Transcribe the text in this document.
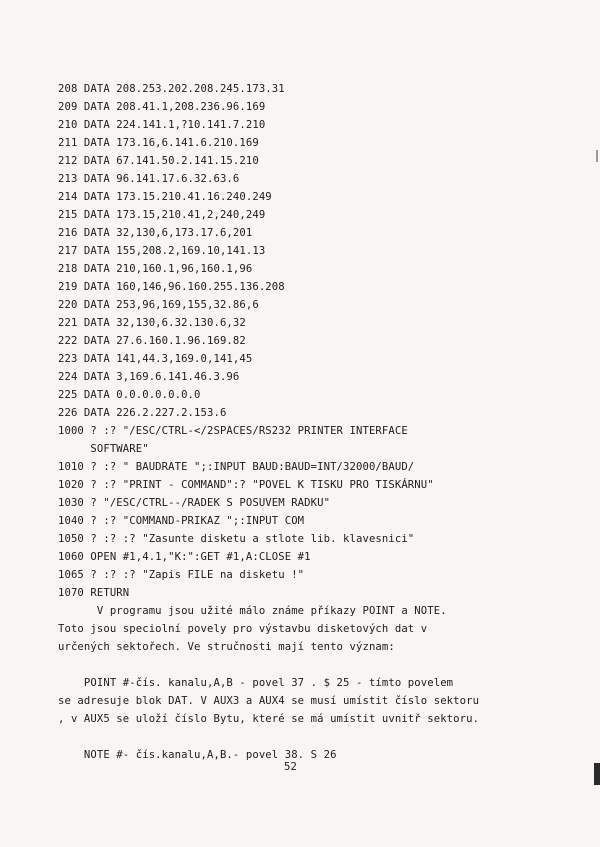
208 DATA 208.253.202.208.245.173.31
209 DATA 208.41.1,208.236.96.169
210 DATA 224.141.1,?10.141.7.210
211 DATA 173.16,6.141.6.210.169
212 DATA 67.141.50.2.141.15.210
213 DATA 96.141.17.6.32.63.6
214 DATA 173.15.210.41.16.240.249
215 DATA 173.15,210.41,2,240,249
216 DATA 32,130,6,173.17.6,201
217 DATA 155,208.2,169.10,141.13
218 DATA 210,160.1,96,160.1,96
219 DATA 160,146,96.160.255.136.208
220 DATA 253,96,169,155,32.86,6
221 DATA 32,130,6.32.130.6,32
222 DATA 27.6.160.1.96.169.82
223 DATA 141,44.3,169.0,141,45
224 DATA 3,169.6.141.46.3.96
225 DATA 0.0.0.0.0.0.0
226 DATA 226.2.227.2.153.6
1000 ? :? "/ESC/CTRL-</2SPACES/RS232 PRINTER INTERFACE
SOFTWARE"
1010 ? :? " BAUDRATE ";:INPUT BAUD:BAUD=INT/32000/BAUD/
1020 ? :? "PRINT - COMMAND":? "POVEL K TISKU PRO TISKÁRNU"
1030 ? "/ESC/CTRL--/RADEK S POSUVEM RADKU"
1040 ? :? "COMMAND-PRIKAZ ";:INPUT COM
1050 ? :? :? "Zasunte disketu a stlote lib. klavesnici"
1060 OPEN #1,4.1,"K:":GET #1,A:CLOSE #1
1065 ? :? :? "Zapis FILE na disketu !"
1070 RETURN
V programu jsou užité málo známe příkazy POINT a NOTE.
Toto jsou speciolní povely pro výstavbu disketových dat v
určených sektořech. Ve stručnosti mají tento význam:
POINT #-čís. kanalu,A,B - povel 37 . $ 25 - tímto povelem
se adresuje blok DAT. V AUX3 a AUX4 se musí umístit číslo sektoru
, v AUX5 se uloží číslo Bytu, které se má umístit uvnitř sektoru.
NOTE #- čís.kanalu,A,B.- povel 38. S 26
52
